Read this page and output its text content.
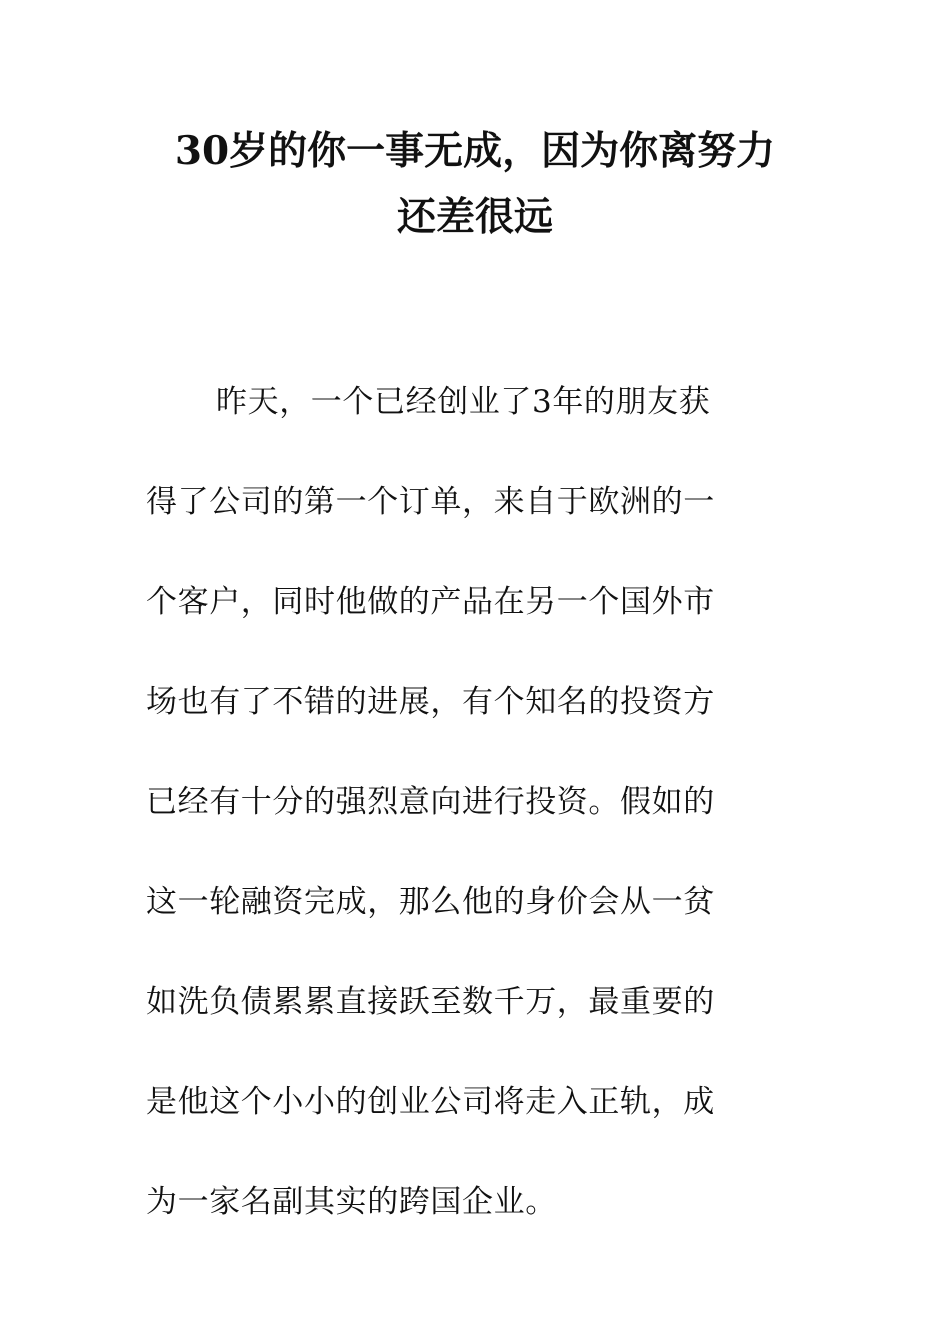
30岁的你一事无成，因为你离努力
还差很远
昨天，一个已经创业了3年的朋友获
得了公司的第一个订单，来自于欧洲的一
个客户，同时他做的产品在另一个国外市
场也有了不错的进展，有个知名的投资方
已经有十分的强烈意向进行投资。假如的
这一轮融资完成，那么他的身价会从一贫
如洗负债累累直接跃至数千万，最重要的
是他这个小小的创业公司将走入正轨，成
为一家名副其实的跨国企业。
